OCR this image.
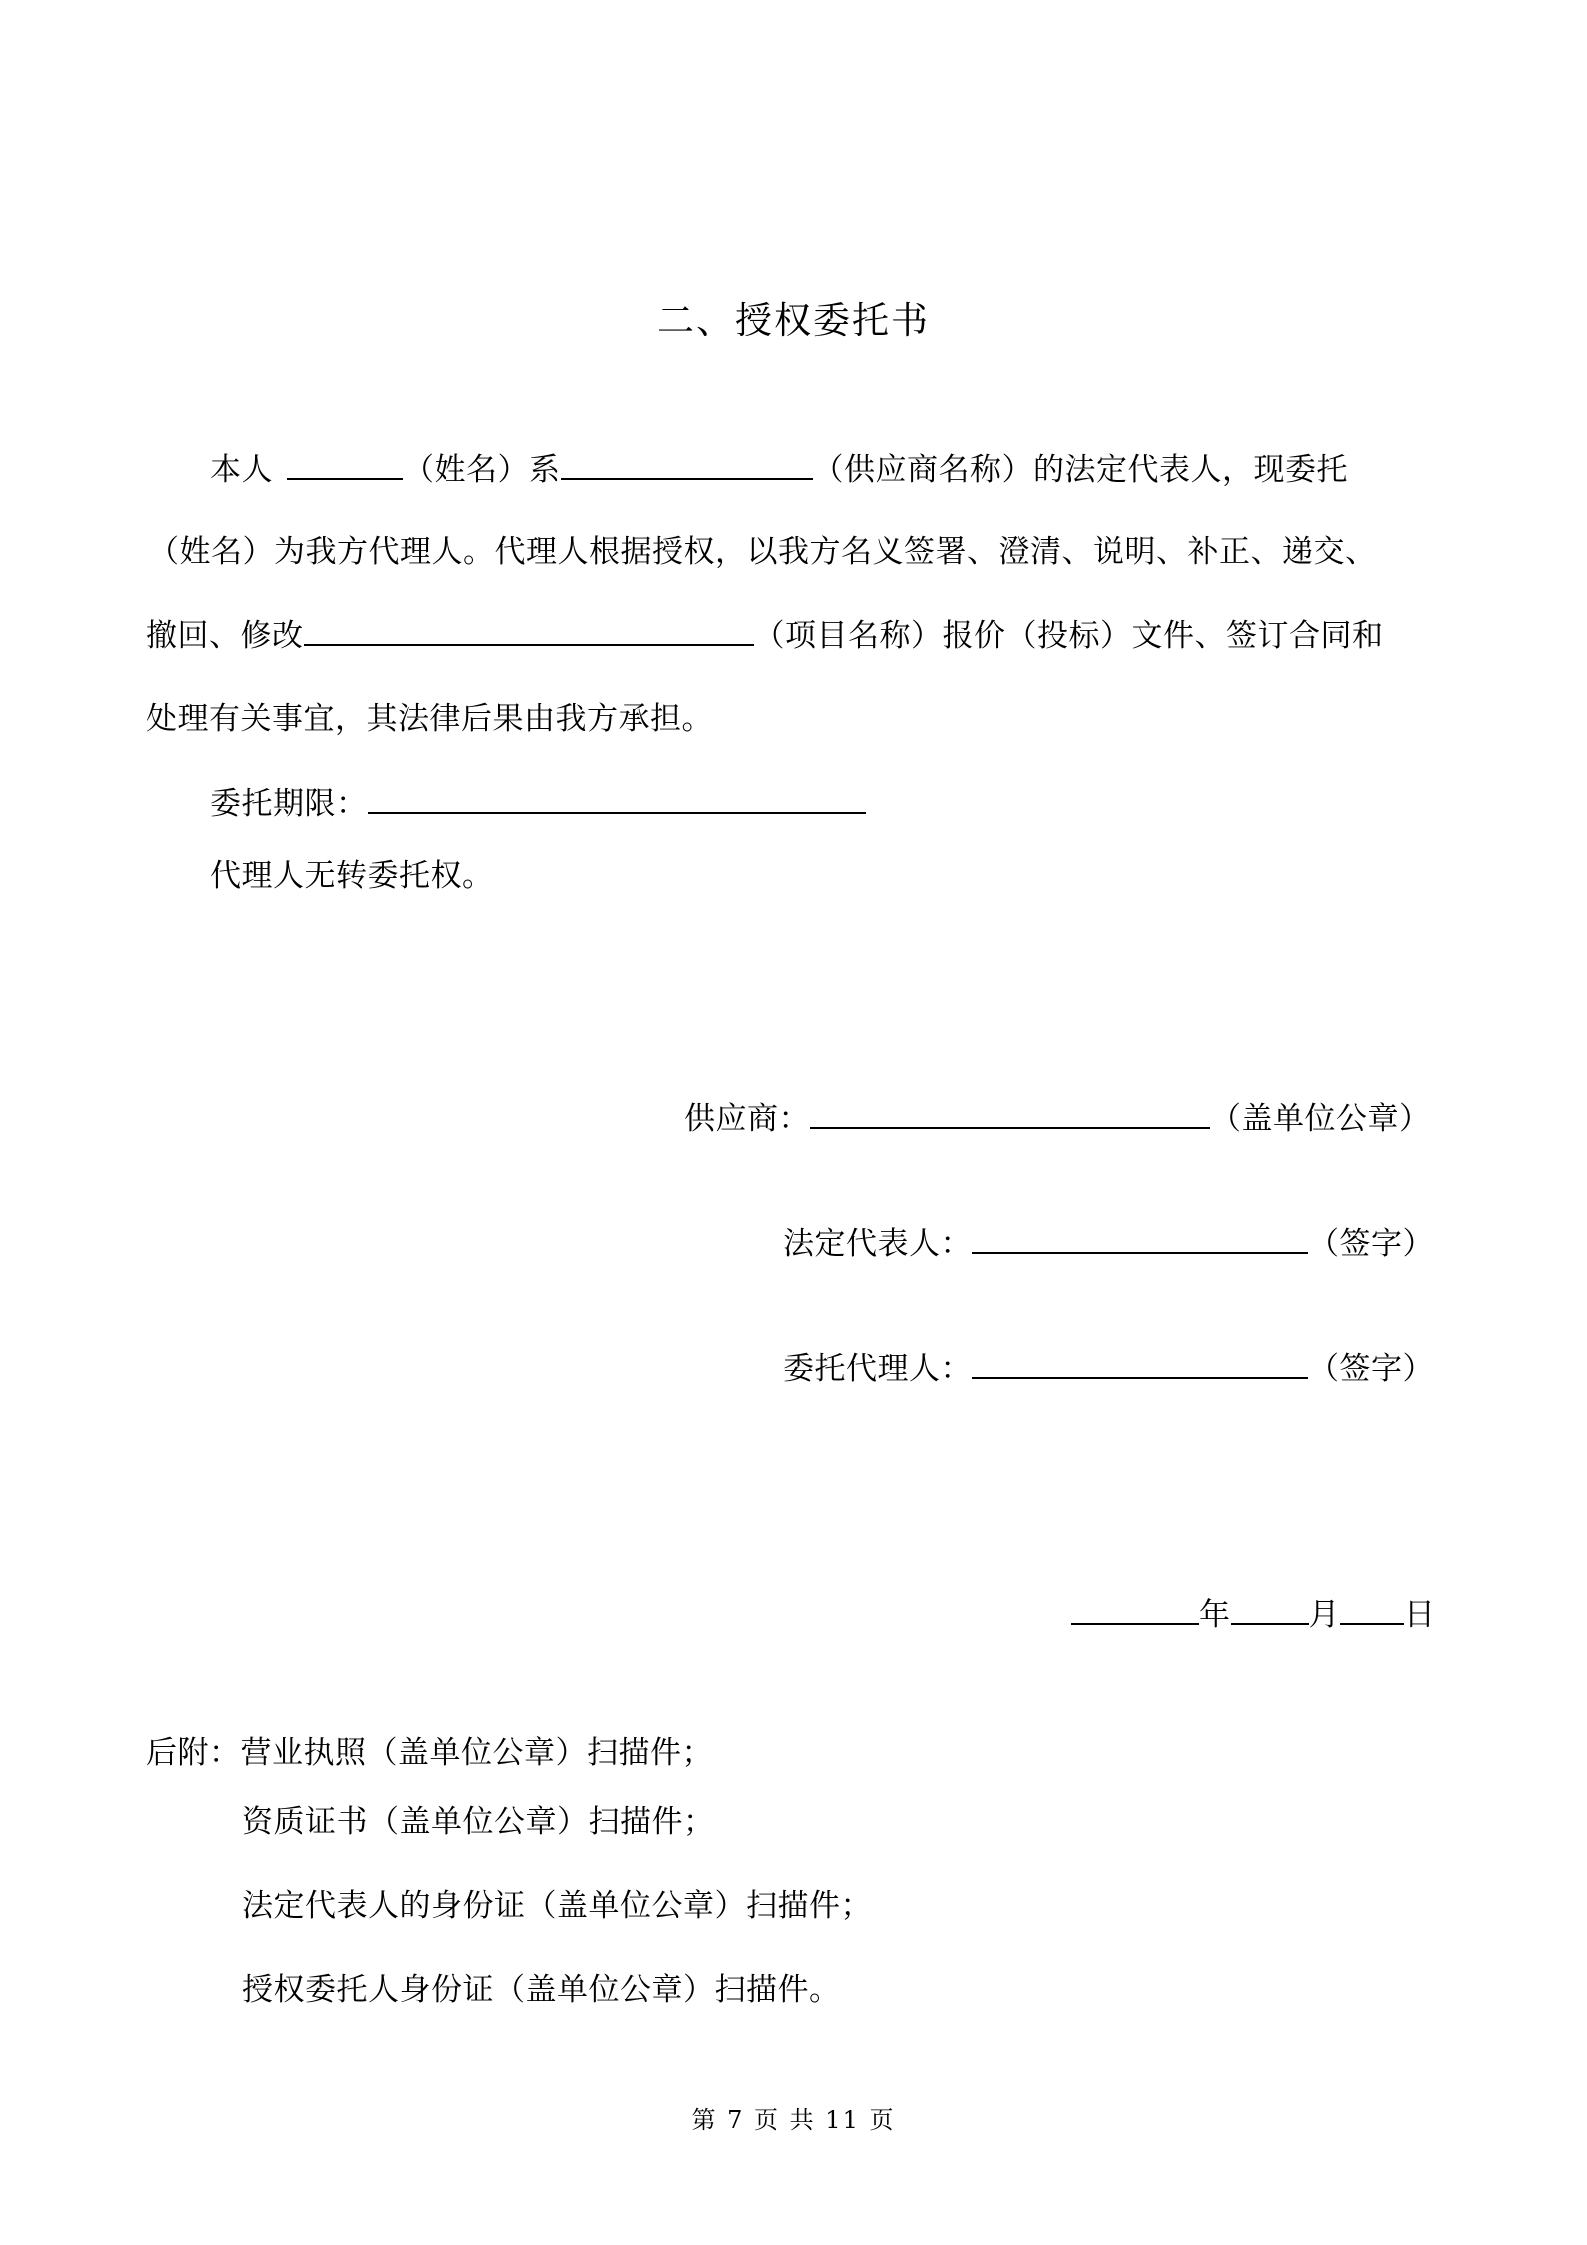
二、授权委托书
本人	（姓名）系	（供应商名称）的法定代表人，现委托
（姓名）为我方代理人。代理人根据授权，以我方名义签署、澄清、说明、补正、递交、
撤回、修改	（项目名称）报价（投标）文件、签订合同和
处理有关事宜，其法律后果由我方承担。
委托期限：
代理人无转委托权。
供应商：	（盖单位公章）
法定代表人：	（签字）
委托代理人：	（签字）
年	月 日
后附：营业执照（盖单位公章）扫描件；
资质证书（盖单位公章）扫描件；
法定代表人的身份证（盖单位公章）扫描件；
授权委托人身份证（盖单位公章）扫描件。
第 7 页 共 11 页
